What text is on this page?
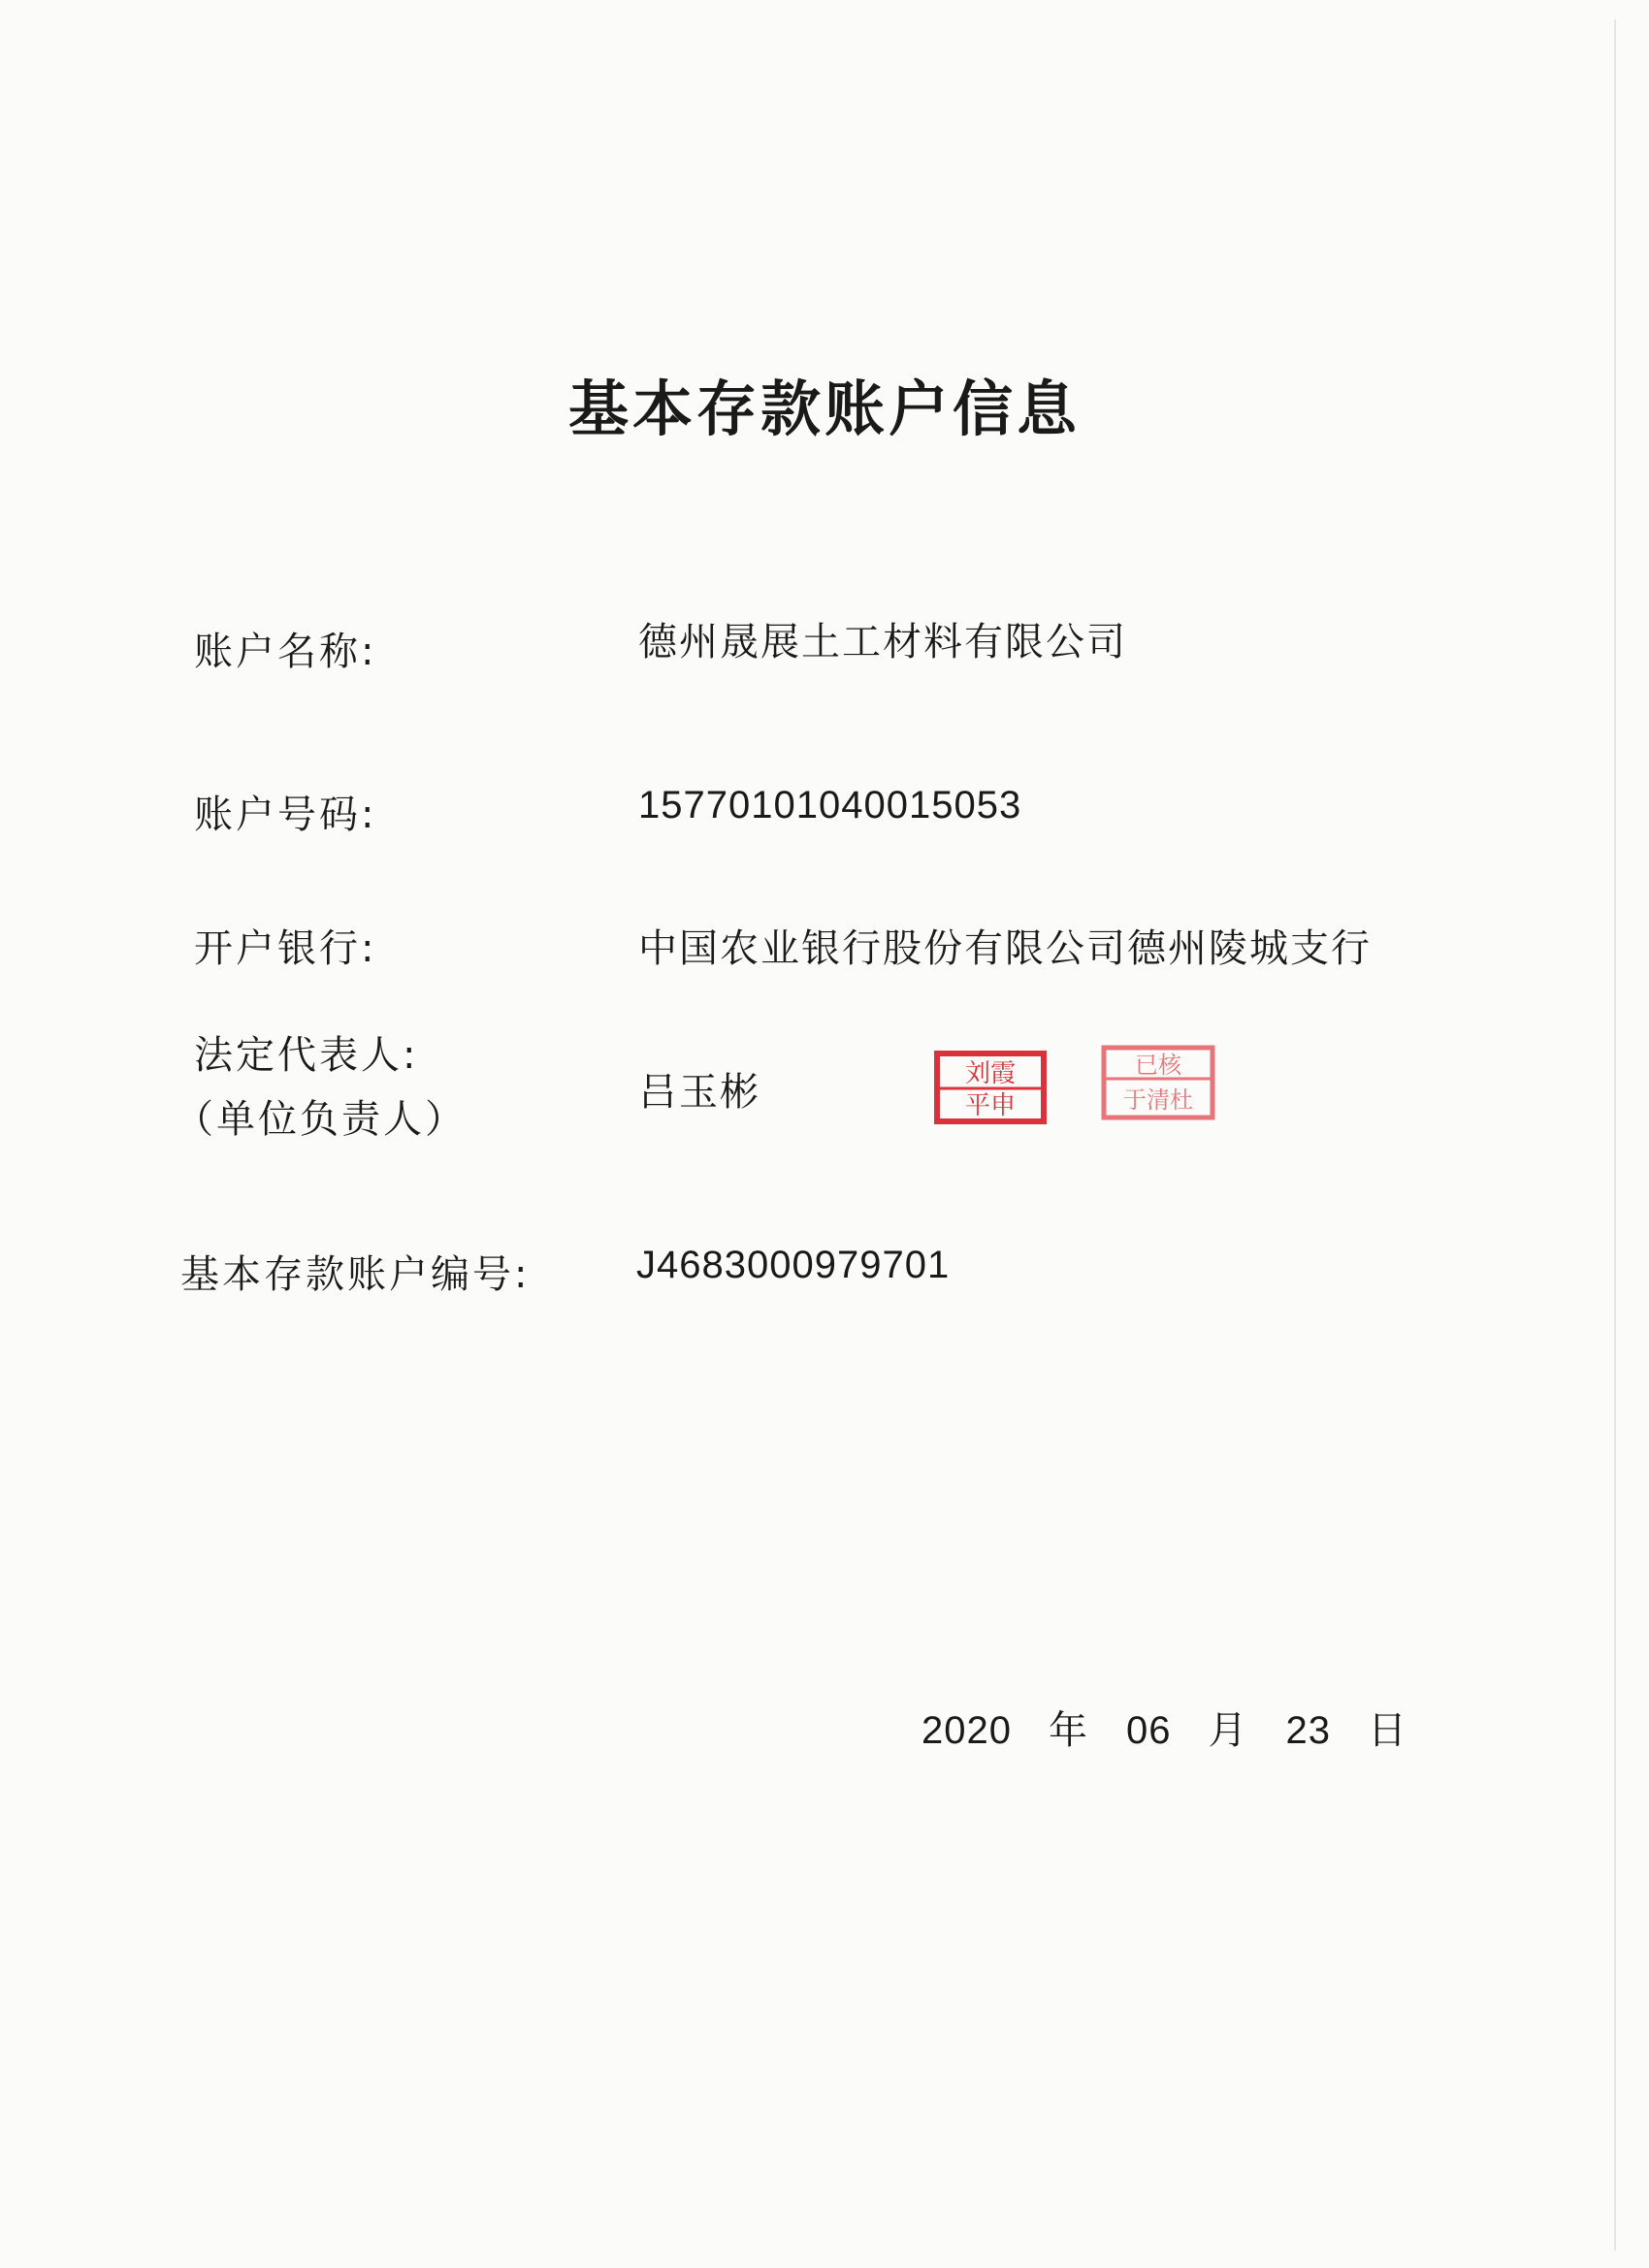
基本存款账户信息
账户名称:	德州晟展土工材料有限公司
账户号码:	15770101040015053
开户银行:	中国农业银行股份有限公司德州陵城支行
法定代表人:
（单位负责人）
吕玉彬	刘霞
平申
已核
于清杜
基本存款账户编号:	J4683000979701
2020 年 06 月 23 日
